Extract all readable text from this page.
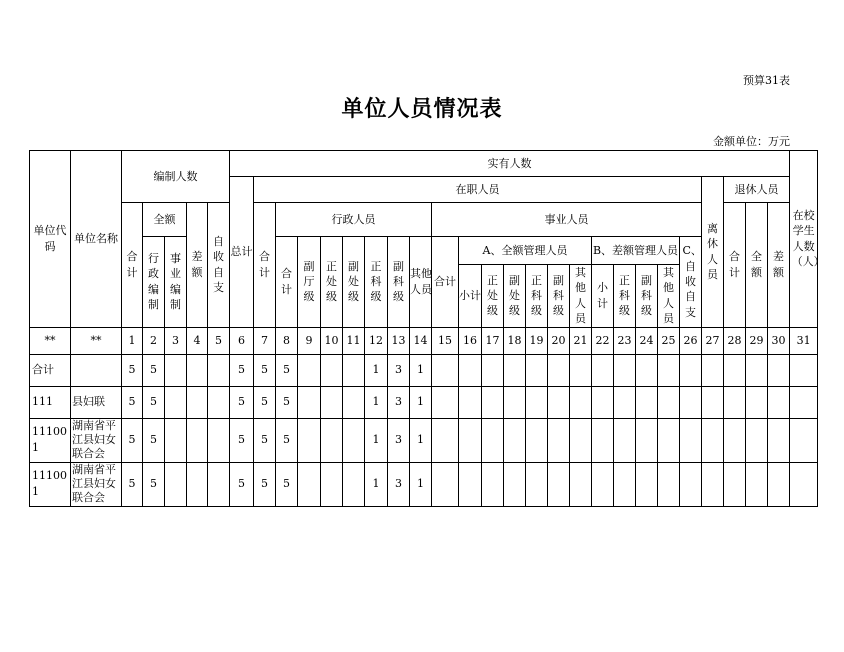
预算31表
单位人员情况表
金额单位：万元
单位代码	单位名称	编制人数					实有人数																									在校学生人数（人）

							总计	在职人员																				离休人员	退休人员			

		合计	全额		差额	自收自支		合计	行政人员							事业人员													合计	全额	差额	

			行政编制	事业编制					合计	副厅级	正处级	副处级	正科级	副科级	其他人员	合计	A、全额管理人员						B、差额管理人员				C、自收自支					

																	小计	正处级	副处级	正科级	副科级	其他人员	小计	正科级	副科级	其他人员						

**	**	1	2	3	4	5	6	7	8	9	10	11	12	13	14	15	16	17	18	19	20	21	22	23	24	25	26	27	28	29	30	31
合计		5	5				5	5	5				1	3	1																	
111	县妇联	5	5				5	5	5				1	3	1																	
111001	湖南省平江县妇女联合会	5	5				5	5	5				1	3	1																	
111001	湖南省平江县妇女联合会	5	5				5	5	5				1	3	1																	
